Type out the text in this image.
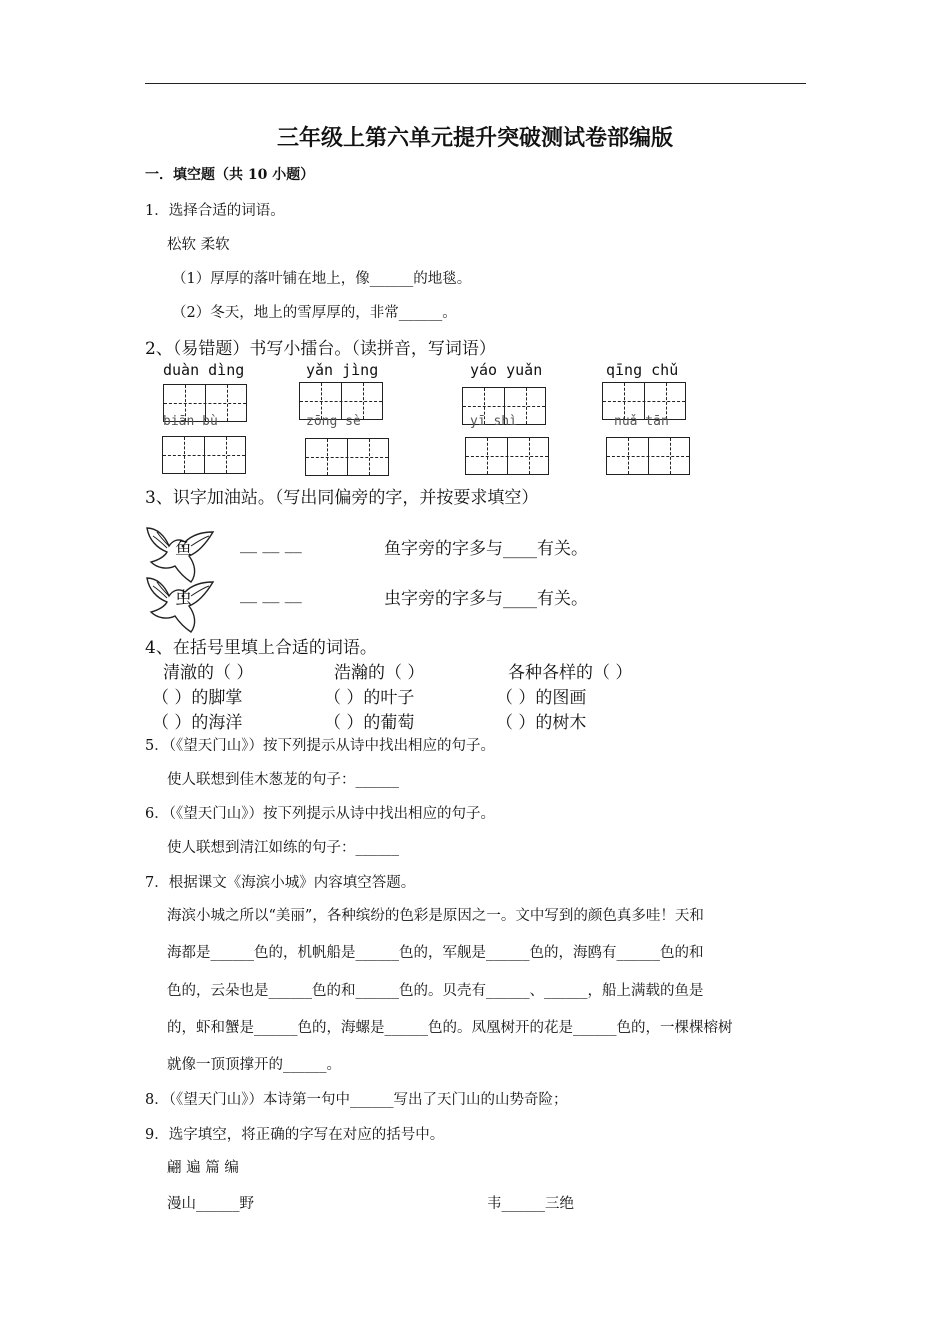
三年级上第六单元提升突破测试卷部编版
一．填空题（共 10 小题）
1．选择合适的词语。
松软 柔软
（1）厚厚的落叶铺在地上，像______的地毯。
（2）冬天，地上的雪厚厚的，非常______。
2、（易错题）书写小擂台。（读拼音，写词语）
duàn dìng	yǎn jìng	yáo yuǎn	qīng chǔ
biān bù	zōng sè	yī shì	nuǎ tān
3、识字加油站。（写出同偏旁的字，并按要求填空）
鱼	__ __ __	鱼字旁的字多与____有关。
虫	__ __ __	虫字旁的字多与____有关。
4、在括号里填上合适的词语。
清澈的（ ）	浩瀚的（ ）	各种各样的（ ）
（ ）的脚掌	（ ）的叶子	（ ）的图画
（ ）的海洋	（ ）的葡萄	（ ）的树木
5．（《望天门山》）按下列提示从诗中找出相应的句子。
使人联想到佳木葱茏的句子：______
6．（《望天门山》）按下列提示从诗中找出相应的句子。
使人联想到清江如练的句子：______
7．根据课文《海滨小城》内容填空答题。
海滨小城之所以“美丽”，各种缤纷的色彩是原因之一。文中写到的颜色真多哇！天和
海都是______色的，机帆船是______色的，军舰是______色的，海鸥有______色的和
色的，云朵也是______色的和______色的。贝壳有______、______，船上满载的鱼是
的，虾和蟹是______色的，海螺是______色的。凤凰树开的花是______色的，一棵棵榕树
就像一顶顶撑开的______。
8．（《望天门山》）本诗第一句中______写出了天门山的山势奇险；
9．选字填空，将正确的字写在对应的括号中。
翩 遍 篇 编
漫山______野	韦______三绝
